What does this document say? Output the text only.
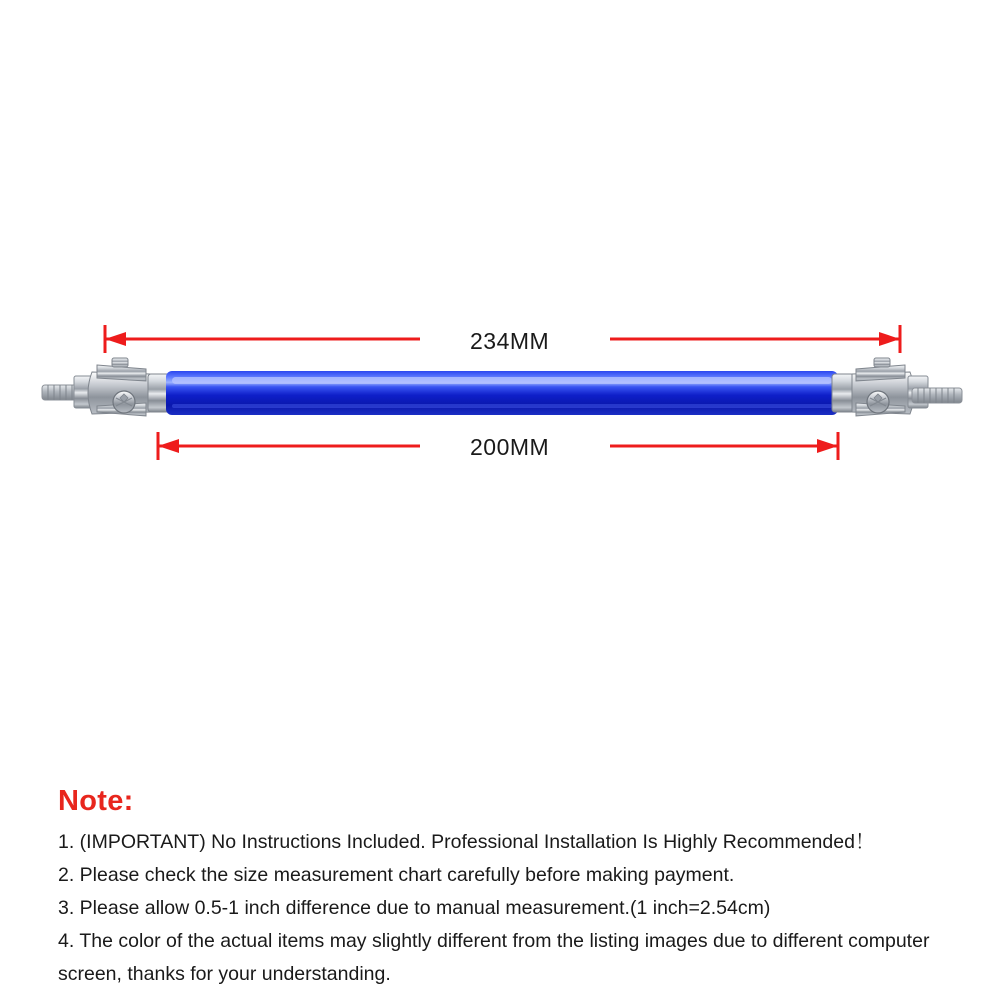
234MM
200MM
Note:

1. (IMPORTANT) No Instructions Included. Professional Installation Is Highly Recommended！

2. Please check the size measurement chart carefully before making payment.

3. Please allow 0.5-1 inch difference due to manual measurement.(1 inch=2.54cm)

4. The color of the actual items may slightly different from the listing images due to different computer

screen, thanks for your understanding.
